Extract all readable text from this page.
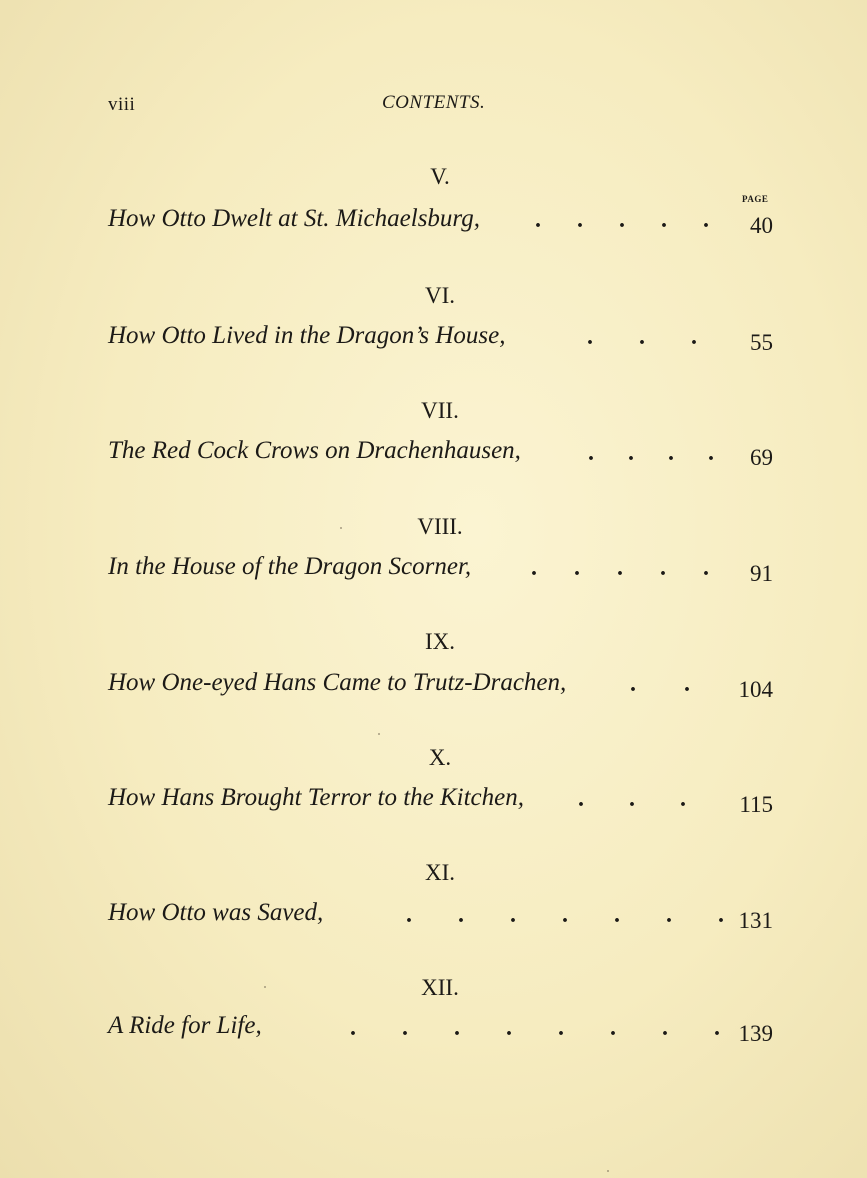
viii	CONTENTS.
PAGE
V.
How Otto Dwelt at St. Michaelsburg, . . . . . 40
VI.
How Otto Lived in the Dragon’s House,	. . . 55
VII.
The Red Cock Crows on Drachenhausen,	. . . . 69
VIII.
In the House of the Dragon Scorner, . . . . . 91
IX.
How One-eyed Hans Came to Trutz-Drachen,	. . 104
X.
How Hans Brought Terror to the Kitchen, . . . 115
XI.
How Otto was Saved,	. . . . . . . 131
XII.
A Ride for Life,	. . . . . . . . 139
